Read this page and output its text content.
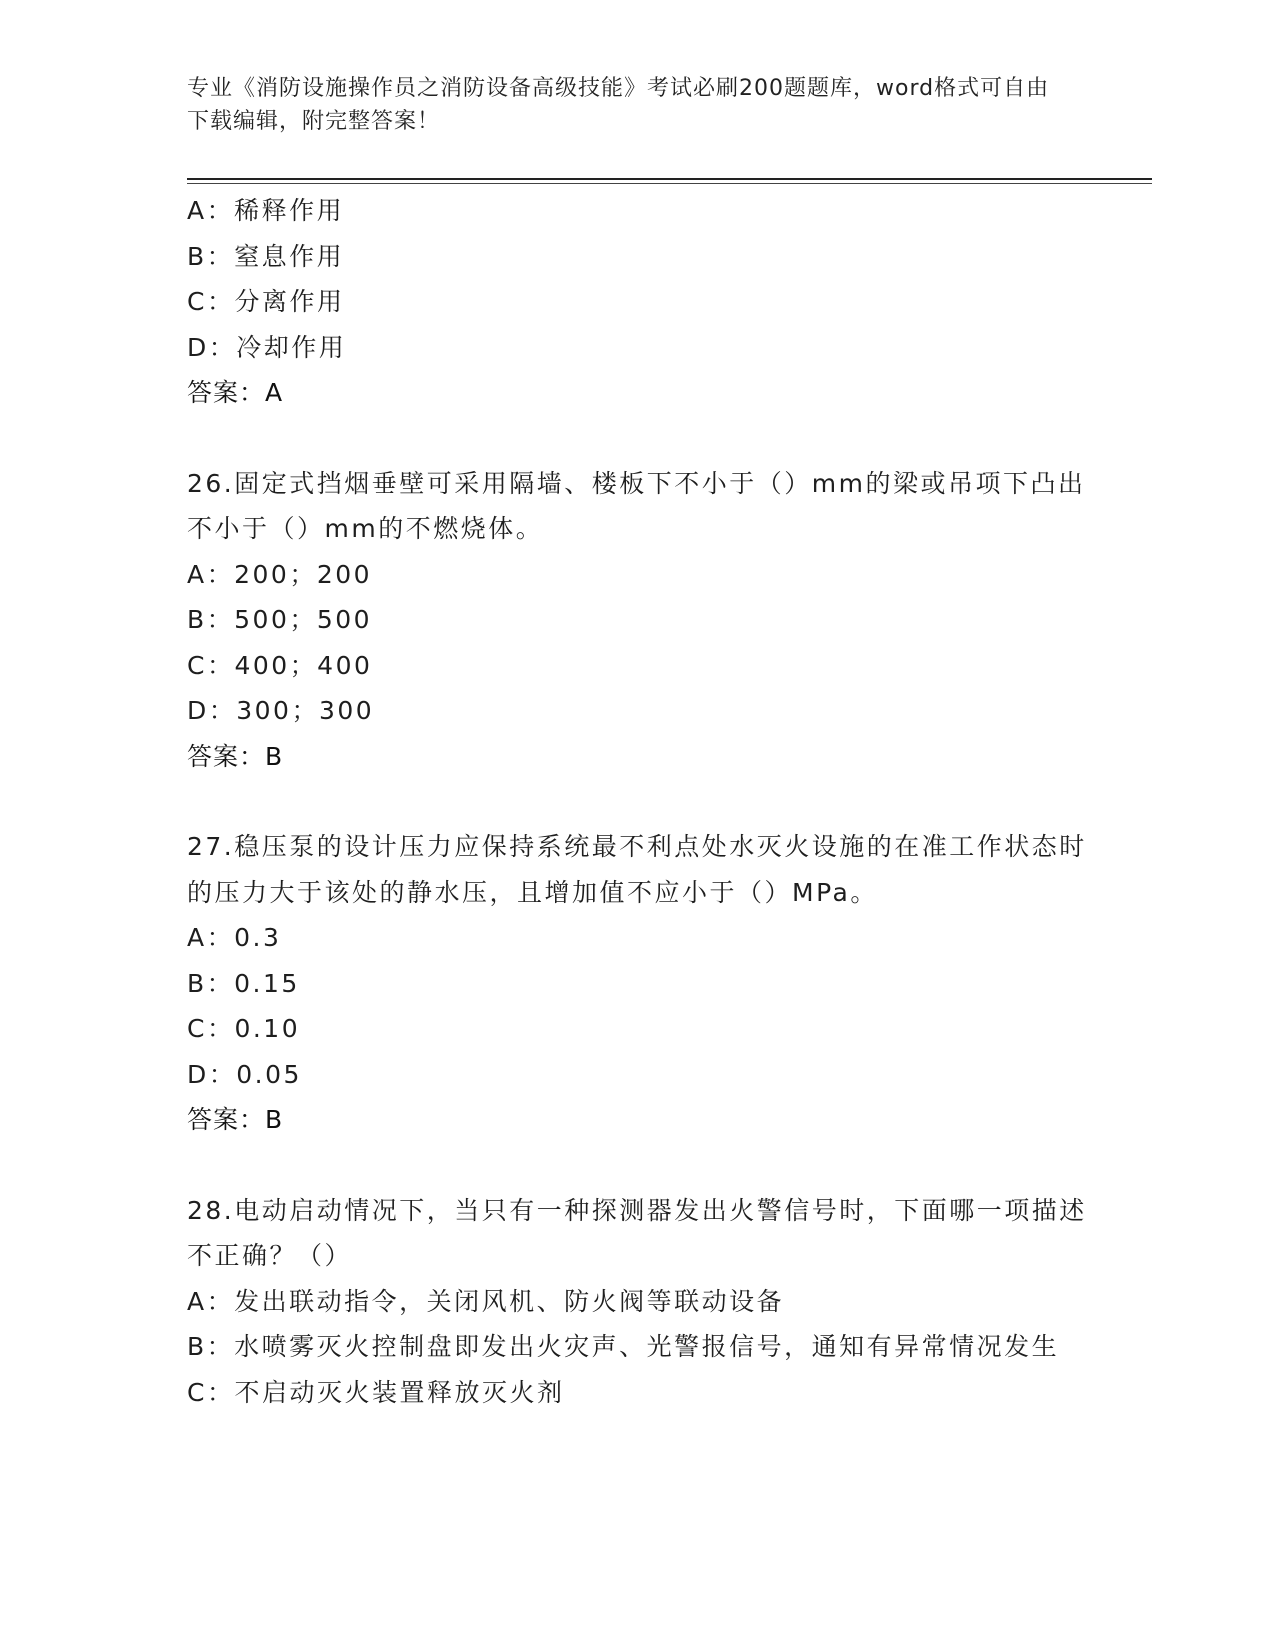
专业《消防设施操作员之消防设备高级技能》考试必刷200题题库，word格式可自由下载编辑，附完整答案！
A：稀释作用
B：窒息作用
C：分离作用
D：冷却作用
答案：A
26.固定式挡烟垂壁可采用隔墙、楼板下不小于（）mm的梁或吊项下凸出不小于（）mm的不燃烧体。
A：200；200
B：500；500
C：400；400
D：300；300
答案：B
27.稳压泵的设计压力应保持系统最不利点处水灭火设施的在准工作状态时的压力大于该处的静水压，且增加值不应小于（）MPa。
A：0.3
B：0.15
C：0.10
D：0.05
答案：B
28.电动启动情况下，当只有一种探测器发出火警信号时，下面哪一项描述不正确？（）
A：发出联动指令，关闭风机、防火阀等联动设备
B：水喷雾灭火控制盘即发出火灾声、光警报信号，通知有异常情况发生
C：不启动灭火装置释放灭火剂
